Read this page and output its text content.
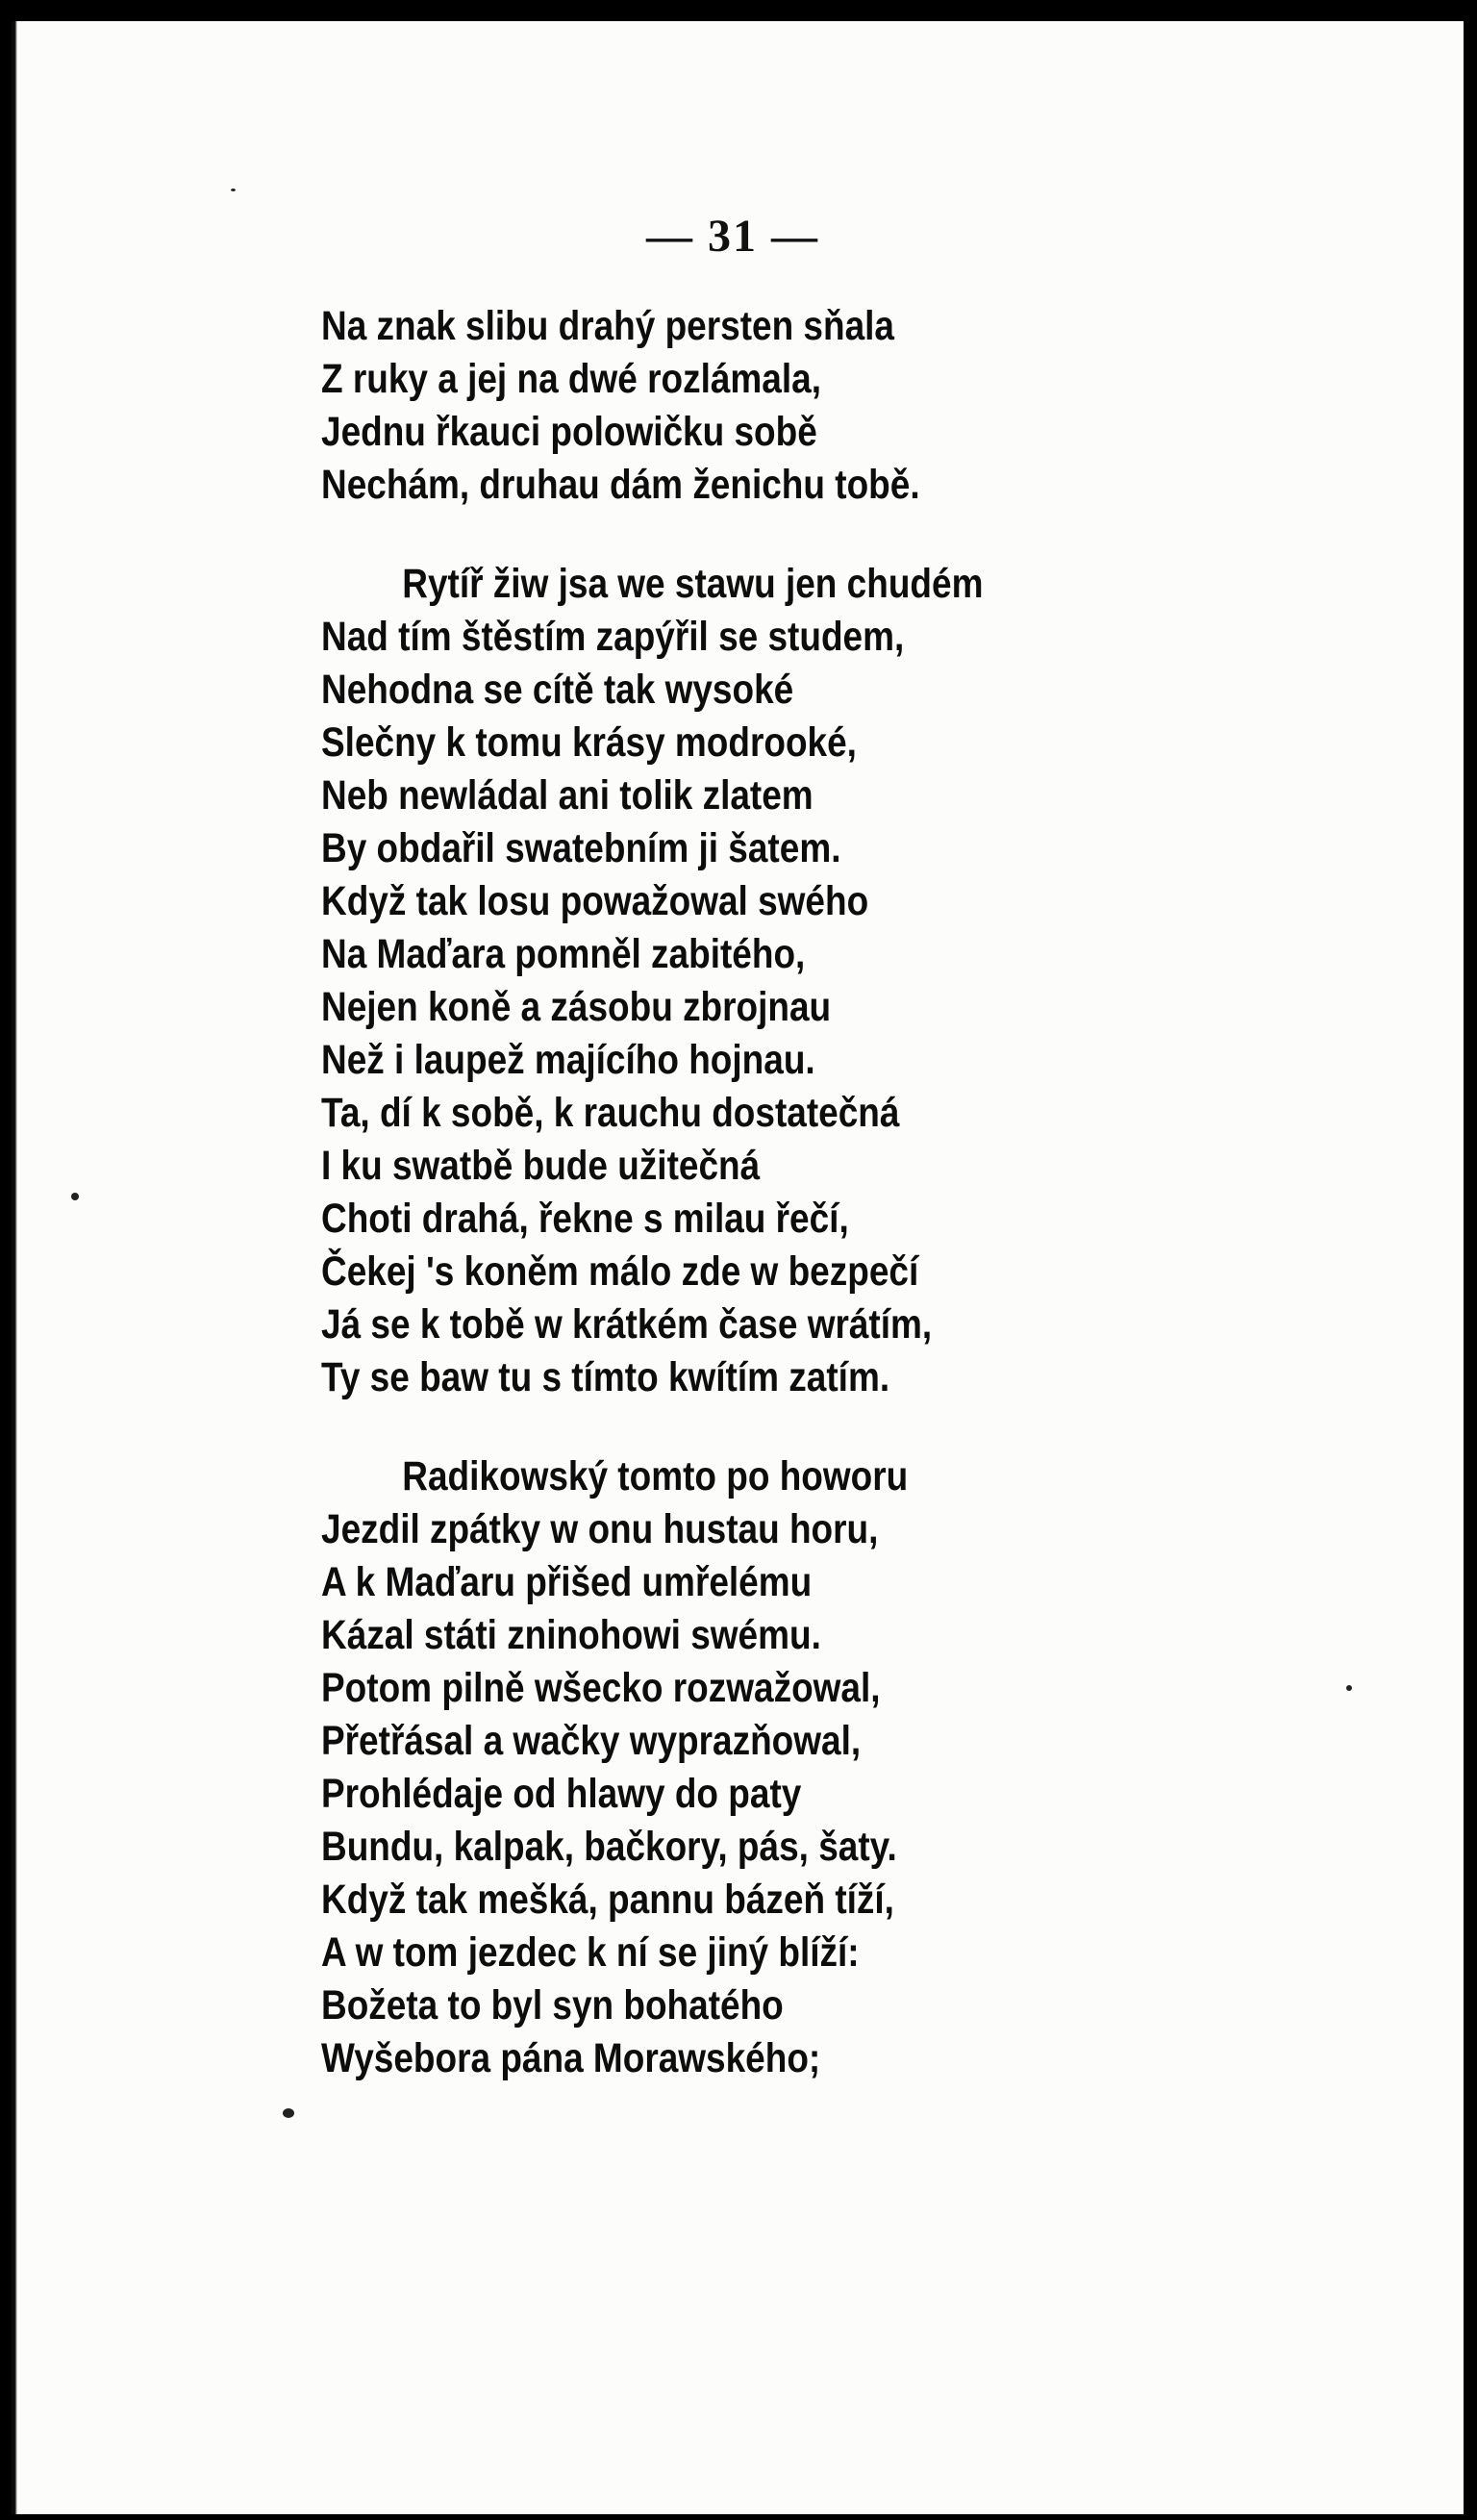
— 31 —
Na znak slibu drahý persten sňala
Z ruky a jej na dwé rozlámala,
Jednu řkauci polowičku sobě
Nechám, druhau dám ženichu tobě.
Rytíř žiw jsa we stawu jen chudém
Nad tím štěstím zapýřil se studem,
Nehodna se cítě tak wysoké
Slečny k tomu krásy modrooké,
Neb newládal ani tolik zlatem
By obdařil swatebním ji šatem.
Když tak losu powažowal swého
Na Maďara pomněl zabitého,
Nejen koně a zásobu zbrojnau
Než i laupež majícího hojnau.
Ta, dí k sobě, k rauchu dostatečná
I ku swatbě bude užitečná
Choti drahá, řekne s milau řečí,
Čekej 's koněm málo zde w bezpečí
Já se k tobě w krátkém čase wrátím,
Ty se baw tu s tímto kwítím zatím.
Radikowský tomto po howoru
Jezdil zpátky w onu hustau horu,
A k Maďaru přišed umřelému
Kázal státi zninohowi swému.
Potom pilně wšecko rozwažowal,
Přetřásal a wačky wyprazňowal,
Prohlédaje od hlawy do paty
Bundu, kalpak, bačkory, pás, šaty.
Když tak mešká, pannu bázeň tíží,
A w tom jezdec k ní se jiný blíží:
Božeta to byl syn bohatého
Wyšebora pána Morawského;
